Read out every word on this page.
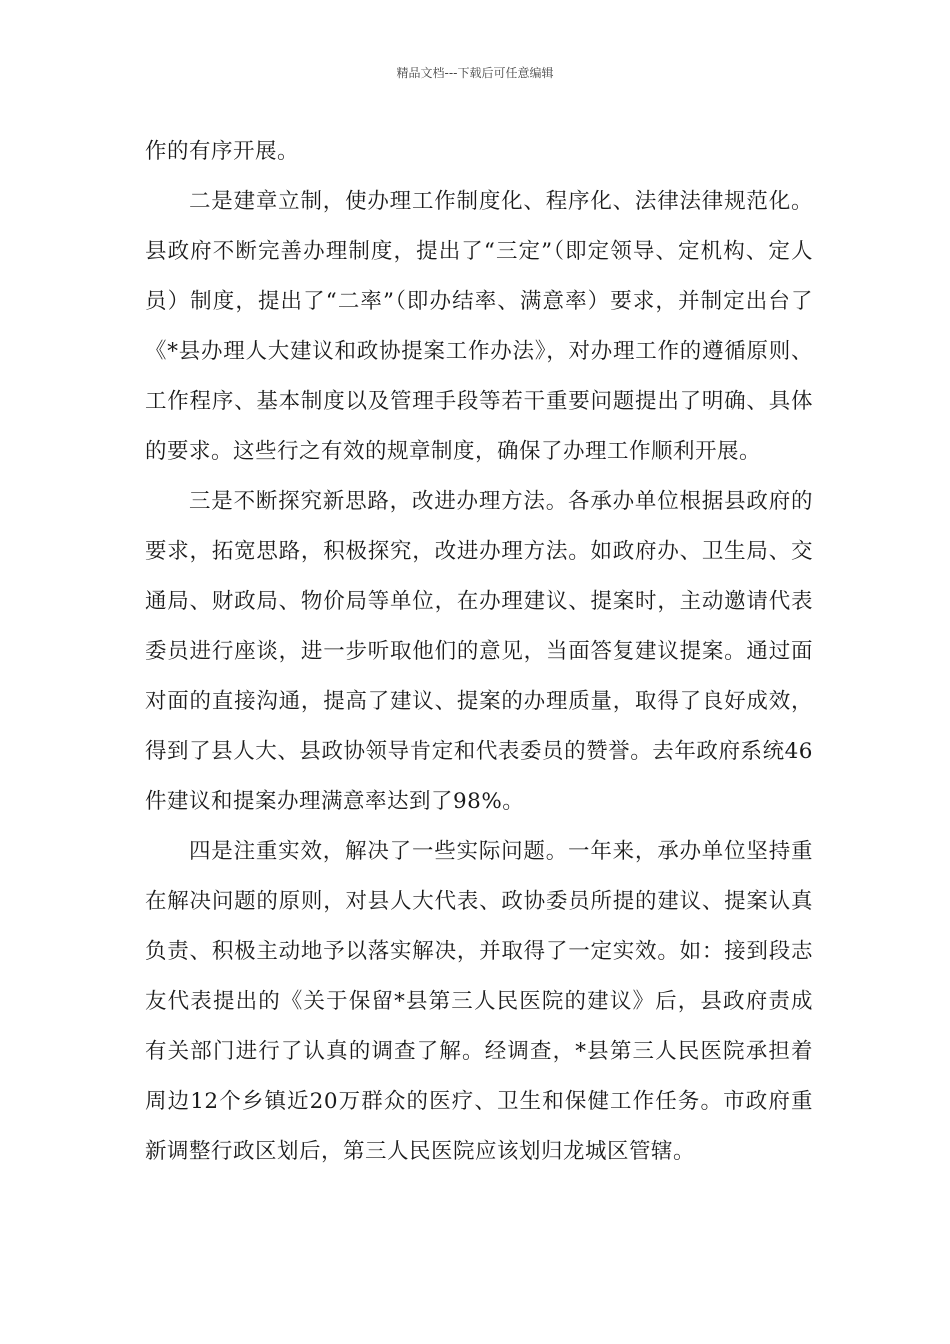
精品文档---下载后可任意编辑

作的有序开展。

二是建章立制，使办理工作制度化、程序化、法律法律规范化。县政府不断完善办理制度，提出了“三定”（即定领导、定机构、定人员）制度，提出了“二率”（即办结率、满意率）要求，并制定出台了《*县办理人大建议和政协提案工作办法》，对办理工作的遵循原则、工作程序、基本制度以及管理手段等若干重要问题提出了明确、具体的要求。这些行之有效的规章制度，确保了办理工作顺利开展。

三是不断探究新思路，改进办理方法。各承办单位根据县政府的要求，拓宽思路，积极探究，改进办理方法。如政府办、卫生局、交通局、财政局、物价局等单位，在办理建议、提案时，主动邀请代表委员进行座谈，进一步听取他们的意见，当面答复建议提案。通过面对面的直接沟通，提高了建议、提案的办理质量，取得了良好成效，得到了县人大、县政协领导肯定和代表委员的赞誉。去年政府系统46件建议和提案办理满意率达到了98%。

四是注重实效，解决了一些实际问题。一年来，承办单位坚持重在解决问题的原则，对县人大代表、政协委员所提的建议、提案认真负责、积极主动地予以落实解决，并取得了一定实效。如：接到段志友代表提出的《关于保留*县第三人民医院的建议》后，县政府责成有关部门进行了认真的调查了解。经调查，*县第三人民医院承担着周边12个乡镇近20万群众的医疗、卫生和保健工作任务。市政府重新调整行政区划后，第三人民医院应该划归龙城区管辖。
